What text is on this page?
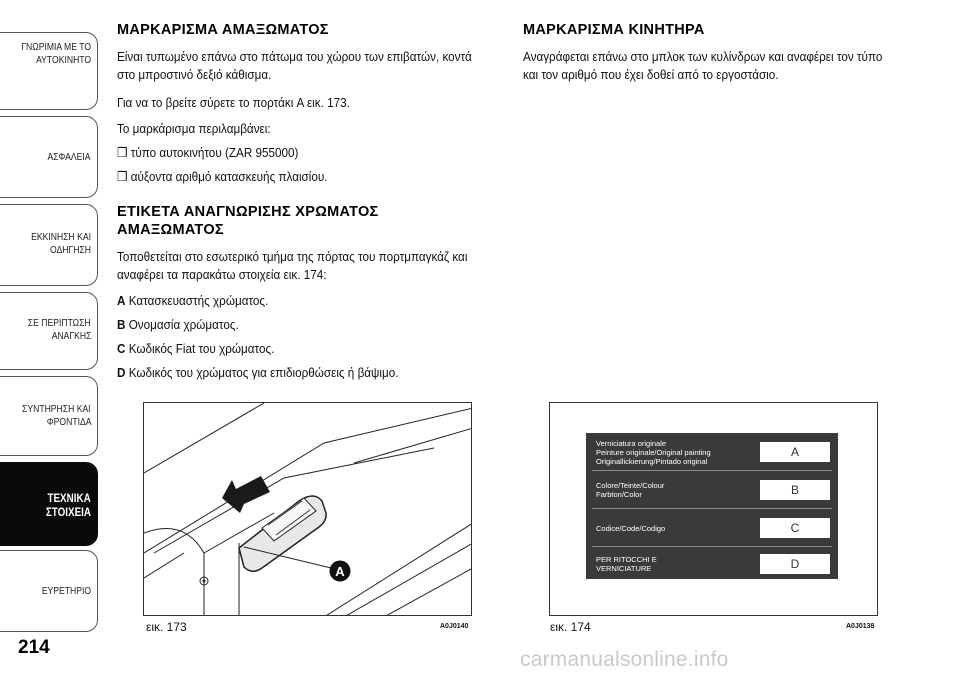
ΓΝΩΡΙΜΙΑ ΜΕ ΤΟ
ΑΥΤΟΚΙΝΗΤΟ
ΑΣΦΑΛΕΙΑ
ΕΚΚΙΝΗΣΗ ΚΑΙ
ΟΔΗΓΗΣΗ
ΣΕ ΠΕΡΙΠΤΩΣΗ
ΑΝΑΓΚΗΣ
ΣΥΝΤΗΡΗΣΗ ΚΑΙ
ΦΡΟΝΤΙΔΑ
ΤΕΧΝΙΚΑ
ΣΤΟΙΧΕΙΑ
ΕΥΡΕΤΗΡΙΟ
214
ΜΑΡΚΑΡΙΣΜΑ ΑΜΑΞΩΜΑΤΟΣ
Είναι τυπωμένο επάνω στο πάτωμα του χώρου των επιβατών, κοντά
στο μπροστινό δεξιό κάθισμα.
Για να το βρείτε σύρετε το πορτάκι A εικ. 173.
Το μαρκάρισμα περιλαμβάνει:
❒ τύπο αυτοκινήτου (ZAR 955000)
❒ αύξοντα αριθμό κατασκευής πλαισίου.
ΕΤΙΚΕΤΑ ΑΝΑΓΝΩΡΙΣΗΣ ΧΡΩΜΑΤΟΣ
ΑΜΑΞΩΜΑΤΟΣ
Τοποθετείται στο εσωτερικό τμήμα της πόρτας του πορτμπαγκάζ και
αναφέρει τα παρακάτω στοιχεία εικ. 174:
A Κατασκευαστής χρώματος.
B Ονομασία χρώματος.
C Κωδικός Fiat του χρώματος.
D Κωδικός του χρώματος για επιδιορθώσεις ή βάψιμο.
ΜΑΡΚΑΡΙΣΜΑ ΚΙΝΗΤΗΡΑ
Αναγράφεται επάνω στο μπλοκ των κυλίνδρων και αναφέρει τον τύπο
και τον αριθμό που έχει δοθεί από το εργοστάσιο.
A
εικ. 173	A0J0140
Verniciatura originale
Peinture originale/Original painting
Originallickierung/Pintado original
A
Colore/Teinte/Colour
Farbton/Color	B
Codice/Code/Codigo	C
PER RITOCCHI E
VERNICIATURE	D
εικ. 174	A0J0138
carmanualsonline.info
